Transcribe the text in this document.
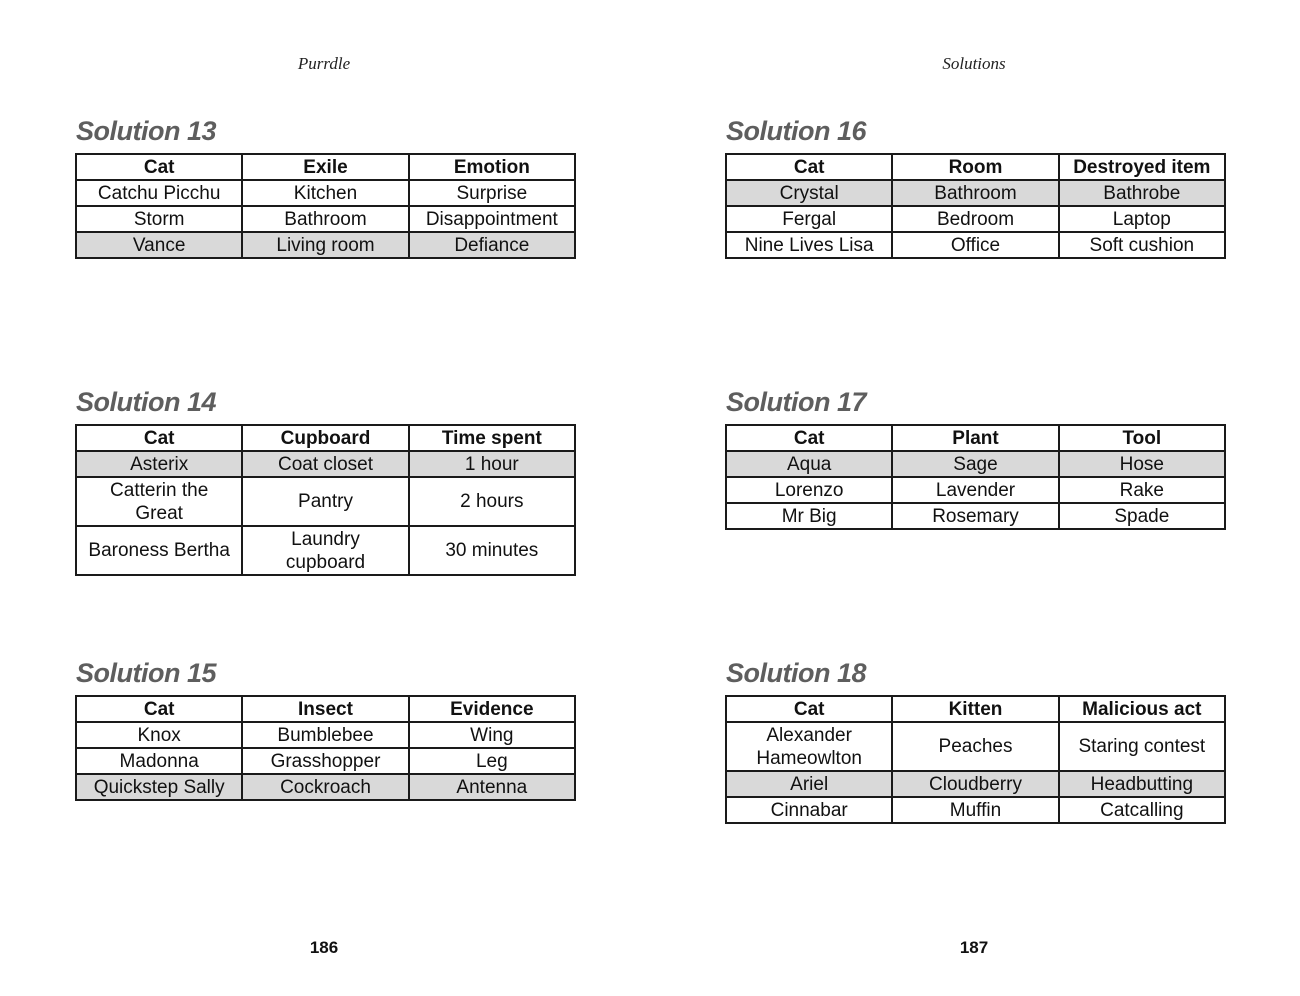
Purrdle
Solution 13
Cat	Exile	Emotion
Catchu Picchu	Kitchen	Surprise
Storm	Bathroom	Disappointment
Vance	Living room	Defiance
Solution 14
Cat	Cupboard	Time spent
Asterix	Coat closet	1 hour
Catterin the Great	Pantry	2 hours
Baroness Bertha	Laundry cupboard	30 minutes
Solution 15
Cat	Insect	Evidence
Knox	Bumblebee	Wing
Madonna	Grasshopper	Leg
Quickstep Sally	Cockroach	Antenna
186
Solutions
Solution 16
Cat	Room	Destroyed item
Crystal	Bathroom	Bathrobe
Fergal	Bedroom	Laptop
Nine Lives Lisa	Office	Soft cushion
Solution 17
Cat	Plant	Tool
Aqua	Sage	Hose
Lorenzo	Lavender	Rake
Mr Big	Rosemary	Spade
Solution 18
Cat	Kitten	Malicious act
Alexander Hameowlton	Peaches	Staring contest
Ariel	Cloudberry	Headbutting
Cinnabar	Muffin	Catcalling
187
